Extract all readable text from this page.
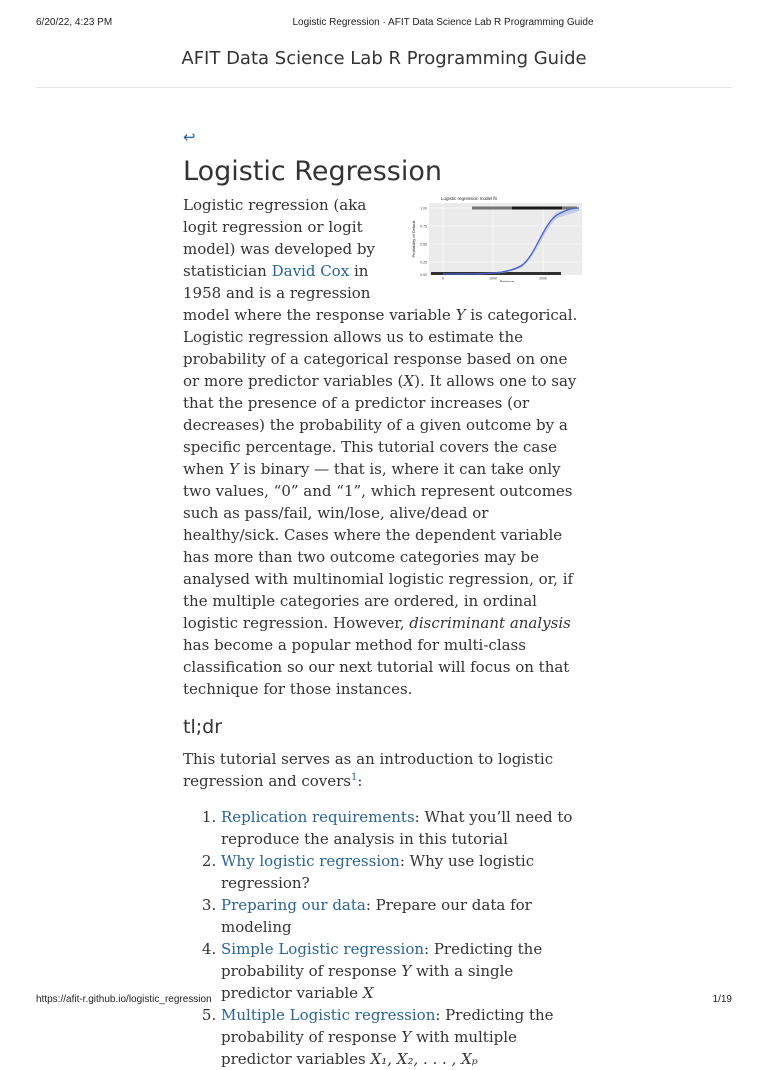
6/20/22, 4:23 PM	Logistic Regression · AFIT Data Science Lab R Programming Guide
AFIT Data Science Lab R Programming Guide
↩
Logistic Regression
Logistic regression model fit
1.00
0.75
0.50
0.25
0.00
0	1000	2000
Balance
Probability of Default

Logistic regression (aka logit regression or logit model) was developed by statistician David Cox in 1958 and is a regression model where the response variable Y is categorical. Logistic regression allows us to estimate the probability of a categorical response based on one or more predictor variables (X). It allows one to say that the presence of a predictor increases (or decreases) the probability of a given outcome by a specific percentage. This tutorial covers the case when Y is binary — that is, where it can take only two values, “0” and “1”, which represent outcomes such as pass/fail, win/lose, alive/dead or healthy/sick. Cases where the dependent variable has more than two outcome categories may be analysed with multinomial logistic regression, or, if the multiple categories are ordered, in ordinal logistic regression. However, discriminant analysis has become a popular method for multi-class classification so our next tutorial will focus on that technique for those instances.

tl;dr

This tutorial serves as an introduction to logistic regression and covers$^1$:

1. Replication requirements: What you’ll need to reproduce the analysis in this tutorial
2. Why logistic regression: Why use logistic regression?
3. Preparing our data: Prepare our data for modeling
4. Simple Logistic regression: Predicting the probability of response Y with a single predictor variable X
5. Multiple Logistic regression: Predicting the probability of response Y with multiple predictor variables X₁, X₂, . . . , Xₚ
https://afit-r.github.io/logistic_regression	1/19
